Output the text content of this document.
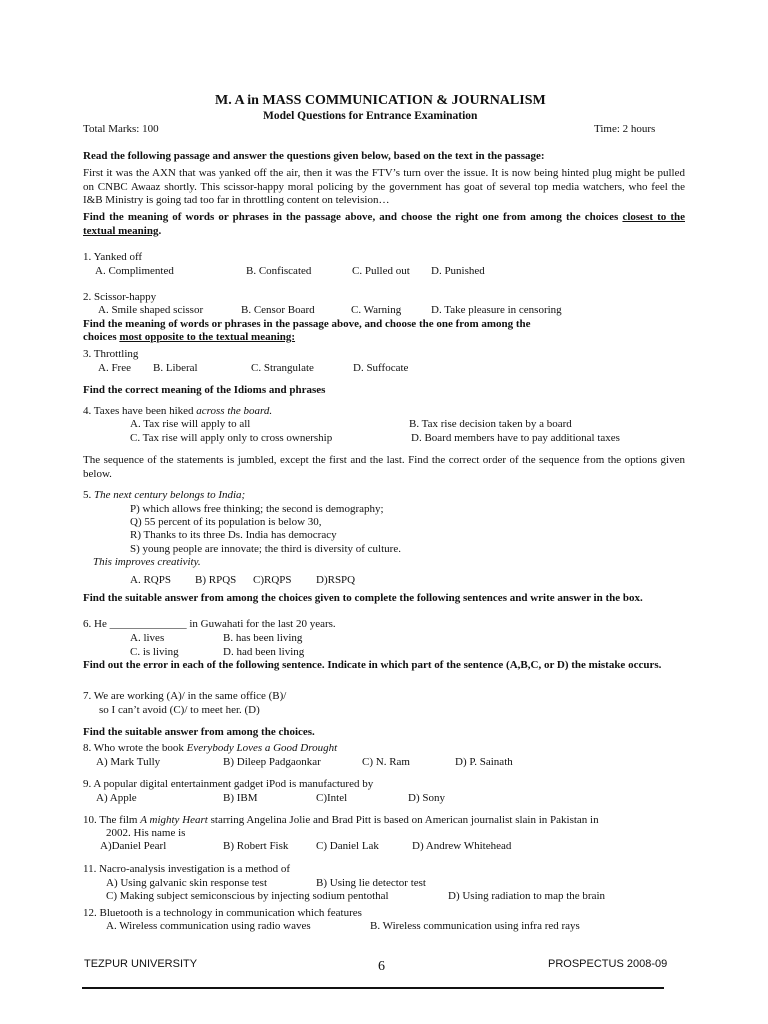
M. A in MASS COMMUNICATION & JOURNALISM
Model Questions for Entrance Examination
Total Marks: 100	Time: 2 hours
Read the following passage and answer the questions given below, based on the text in the passage:
First it was the AXN that was yanked off the air, then it was the FTV’s turn over the issue. It is now being hinted plug might be pulled on CNBC Awaaz shortly. This scissor-happy moral policing by the government has goat of several top media watchers, who feel the I&B Ministry is going tad too far in throttling content on television…
Find the meaning of words or phrases in the passage above, and choose the right one from among the choices closest to the textual meaning.
1. Yanked off
A. Complimented	B. Confiscated	C. Pulled out D. Punished
2. Scissor-happy
A. Smile shaped scissor	B. Censor Board	C. Warning	D. Take pleasure in censoring
Find the meaning of words or phrases in the passage above, and choose the one from among the
choices most opposite to the textual meaning:
3. Throttling
A. Free B. Liberal	C. Strangulate	D. Suffocate
Find the correct meaning of the Idioms and phrases
4. Taxes have been hiked across the board.
A. Tax rise will apply to all	B. Tax rise decision taken by a board
C. Tax rise will apply only to cross ownership	D. Board members have to pay additional taxes
The sequence of the statements is jumbled, except the first and the last. Find the correct order of the sequence from the options given below.
5. The next century belongs to India;
P) which allows free thinking; the second is demography;
Q) 55 percent of its population is below 30,
R) Thanks to its three Ds. India has democracy
S) young people are innovate; the third is diversity of culture.
This improves creativity.
A. RQPS B) RPQS C)RQPS D)RSPQ
Find the suitable answer from among the choices given to complete the following sentences and write answer in the box.
6. He ______________ in Guwahati for the last 20 years.
A. lives	B. has been living
C. is living	D. had been living
Find out the error in each of the following sentence. Indicate in which part of the sentence (A,B,C, or D) the mistake occurs.
7. We are working (A)/ in the same office (B)/
so I can’t avoid (C)/ to meet her. (D)
Find the suitable answer from among the choices.
8. Who wrote the book Everybody Loves a Good Drought
A) Mark Tully	B) Dileep Padgaonkar	C) N. Ram	D) P. Sainath
9. A popular digital entertainment gadget iPod is manufactured by
A) Apple	B) IBM	C)Intel	D) Sony
10. The film A mighty Heart starring Angelina Jolie and Brad Pitt is based on American journalist slain in Pakistan in
2002. His name is
A)Daniel Pearl	B) Robert Fisk	C) Daniel Lak	D) Andrew Whitehead
11. Nacro-analysis investigation is a method of
A) Using galvanic skin response test	B) Using lie detector test
C) Making subject semiconscious by injecting sodium pentothal	D) Using radiation to map the brain
12. Bluetooth is a technology in communication which features
A. Wireless communication using radio waves	B. Wireless communication using infra red rays
TEZPUR UNIVERSITY	6	PROSPECTUS 2008-09
